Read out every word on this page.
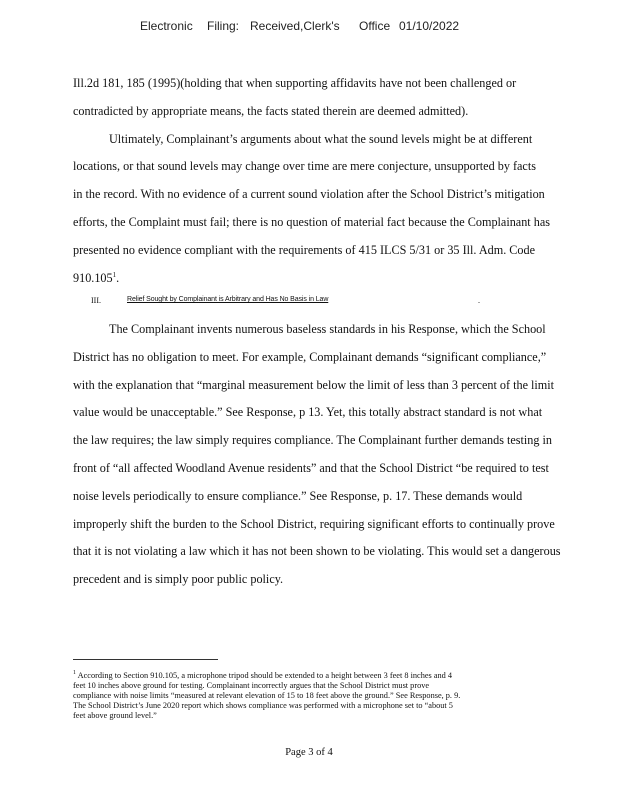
Electronic Filing: Received,Clerk's Office 01/10/2022
Ill.2d 181, 185 (1995)(holding that when supporting affidavits have not been challenged or
contradicted by appropriate means, the facts stated therein are deemed admitted).
Ultimately, Complainant’s arguments about what the sound levels might be at different
locations, or that sound levels may change over time are mere conjecture, unsupported by facts
in the record. With no evidence of a current sound violation after the School District’s mitigation
efforts, the Complaint must fail; there is no question of material fact because the Complainant has
presented no evidence compliant with the requirements of 415 ILCS 5/31 or 35 Ill. Adm. Code
910.105$^1$.
III.	Relief Sought by Complainant is Arbitrary and Has No Basis in Law	.
The Complainant invents numerous baseless standards in his Response, which the School
District has no obligation to meet. For example, Complainant demands “significant compliance,”
with the explanation that “marginal measurement below the limit of less than 3 percent of the limit
value would be unacceptable.” See Response, p 13. Yet, this totally abstract standard is not what
the law requires; the law simply requires compliance. The Complainant further demands testing in
front of “all affected Woodland Avenue residents” and that the School District “be required to test
noise levels periodically to ensure compliance.” See Response, p. 17. These demands would
improperly shift the burden to the School District, requiring significant efforts to continually prove
that it is not violating a law which it has not been shown to be violating. This would set a dangerous
precedent and is simply poor public policy.
$^1$ According to Section 910.105, a microphone tripod should be extended to a height between 3 feet 8 inches and 4
feet 10 inches above ground for testing. Complainant incorrectly argues that the School District must prove
compliance with noise limits “measured at relevant elevation of 15 to 18 feet above the ground.” See Response, p. 9.
The School District’s June 2020 report which shows compliance was performed with a microphone set to “about 5
feet above ground level.”
Page 3 of 4
